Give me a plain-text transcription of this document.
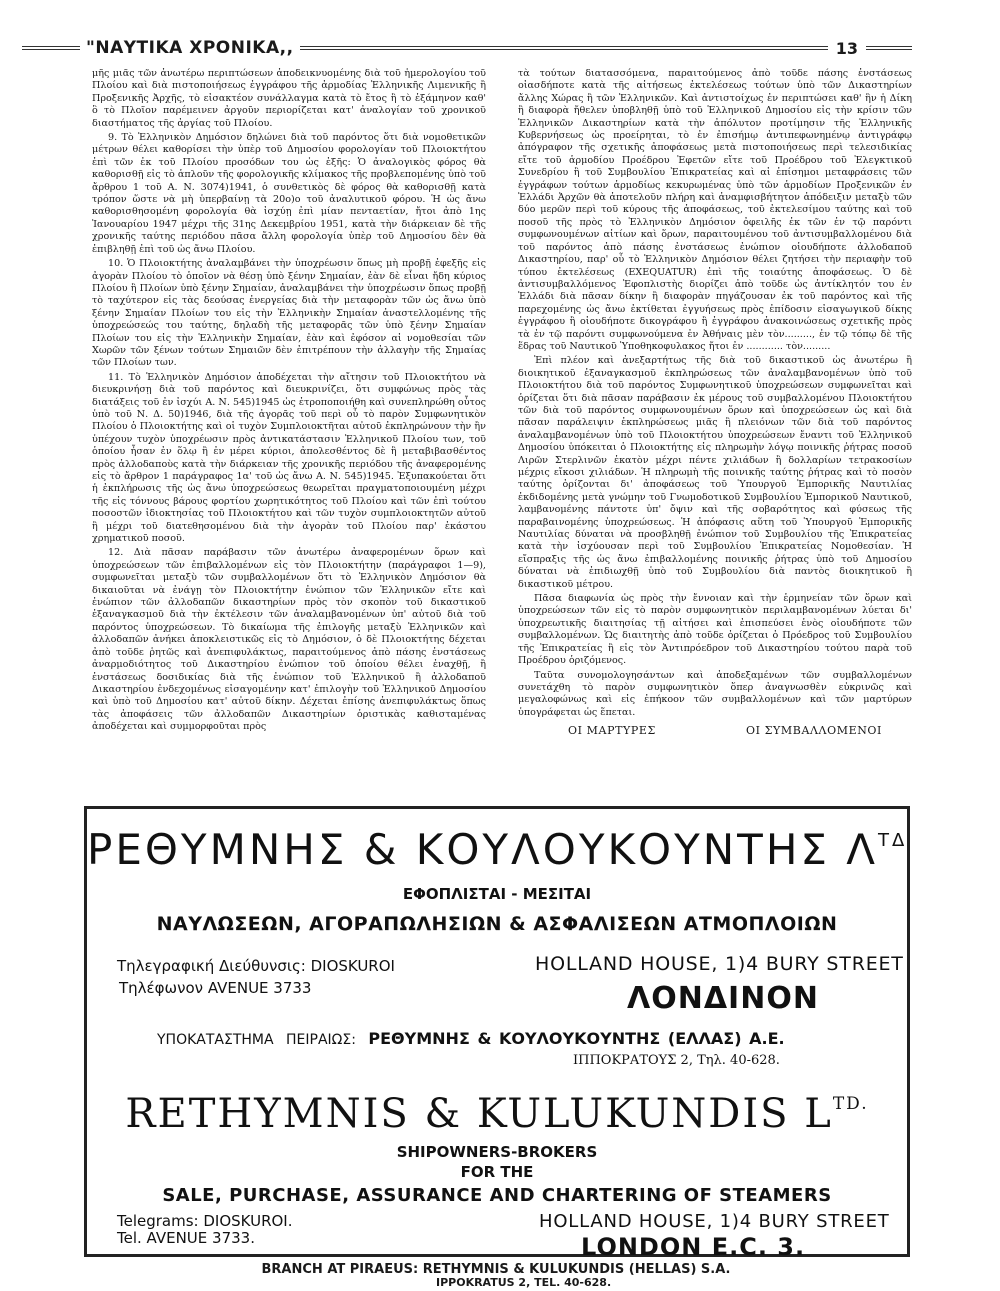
"ΝΑΥΤΙΚΑ ΧΡΟΝΙΚΑ,,	13

μῆς μιᾶς τῶν ἀνωτέρω περιπτώσεων ἀποδεικνυομένης διὰ τοῦ ἡμερολογίου τοῦ Πλοίου καὶ διὰ πιστοποιήσεως ἐγγράφου τῆς ἁρμοδίας Ἑλληνικῆς Λιμενικῆς ἢ Προξενικῆς Ἀρχῆς, τὸ εἰσακτέον συνάλλαγμα κατὰ τὸ ἔτος ἢ τὸ ἑξάμηνον καθ' ὃ τὸ Πλοῖον παρέμεινεν ἀργοῦν περιορίζεται κατ' ἀναλογίαν τοῦ χρονικοῦ διαστήματος τῆς ἀργίας τοῦ Πλοίου.

9. Τὸ Ἑλληνικὸν Δημόσιον δηλώνει διὰ τοῦ παρόντος ὅτι διὰ νομοθετικῶν μέτρων θέλει καθορίσει τὴν ὑπὲρ τοῦ Δημοσίου φορολογίαν τοῦ Πλοιοκτήτου ἐπὶ τῶν ἐκ τοῦ Πλοίου προσόδων του ὡς ἑξῆς: Ὁ ἀναλογικὸς φόρος θὰ καθορισθῇ εἰς τὸ ἁπλοῦν τῆς φορολογικῆς κλίμακος τῆς προβλεπομένης ὑπὸ τοῦ ἄρθρου 1 τοῦ Α. Ν. 3074)1941, ὁ συνθετικὸς δὲ φόρος θὰ καθορισθῇ κατὰ τρόπον ὥστε νὰ μὴ ὑπερβαίνῃ τὰ 20ο)ο τοῦ ἀναλυτικοῦ φόρου. Ἡ ὡς ἄνω καθορισθησομένη φορολογία θὰ ἰσχύῃ ἐπὶ μίαν πενταετίαν, ἤτοι ἀπὸ 1ης Ἰανουαρίου 1947 μέχρι τῆς 31ης Δεκεμβρίου 1951, κατὰ τὴν διάρκειαν δὲ τῆς χρονικῆς ταύτης περιόδου πᾶσα ἄλλη φορολογία ὑπὲρ τοῦ Δημοσίου δὲν θὰ ἐπιβληθῇ ἐπὶ τοῦ ὡς ἄνω Πλοίου.

10. Ὁ Πλοιοκτήτης ἀναλαμβάνει τὴν ὑποχρέωσιν ὅπως μὴ προβῇ ἐφεξῆς εἰς ἀγορὰν Πλοίου τὸ ὁποῖον νὰ θέσῃ ὑπὸ ξένην Σημαίαν, ἐὰν δὲ εἶναι ἤδη κύριος Πλοίου ἢ Πλοίων ὑπὸ ξένην Σημαίαν, ἀναλαμβάνει τὴν ὑποχρέωσιν ὅπως προβῇ τὸ ταχύτερον εἰς τὰς δεούσας ἐνεργείας διὰ τὴν μεταφορὰν τῶν ὡς ἄνω ὑπὸ ξένην Σημαίαν Πλοίων του εἰς τὴν Ἑλληνικὴν Σημαίαν ἀναστελλομένης τῆς ὑποχρεώσεώς του ταύτης, δηλαδὴ τῆς μεταφορᾶς τῶν ὑπὸ ξένην Σημαίαν Πλοίων του εἰς τὴν Ἑλληνικὴν Σημαίαν, ἐὰν καὶ ἐφόσον αἱ νομοθεσίαι τῶν Χωρῶν τῶν ξένων τούτων Σημαιῶν δὲν ἐπιτρέπουν τὴν ἀλλαγὴν τῆς Σημαίας τῶν Πλοίων των.

11. Τὸ Ἑλληνικὸν Δημόσιον ἀποδέχεται τὴν αἴτησιν τοῦ Πλοιοκτήτου νὰ διευκρινήσῃ διὰ τοῦ παρόντος καὶ διευκρινίζει, ὅτι συμφώνως πρὸς τὰς διατάξεις τοῦ ἐν ἰσχύι Α. Ν. 545)1945 ὡς ἐτροποποιήθη καὶ συνεπληρώθη οὗτος ὑπὸ τοῦ Ν. Δ. 50)1946, διὰ τῆς ἀγορᾶς τοῦ περὶ οὗ τὸ παρὸν Συμφωνητικὸν Πλοίου ὁ Πλοιοκτήτης καὶ οἱ τυχὸν Συμπλοιοκτῆται αὐτοῦ ἐκπληρώνουν τὴν ἢν ὑπέχουν τυχὸν ὑποχρέωσιν πρὸς ἀντικατάστασιν Ἑλληνικοῦ Πλοίου των, τοῦ ὁποίου ἦσαν ἐν ὅλῳ ἢ ἐν μέρει κύριοι, ἀπολεσθέντος δὲ ἢ μεταβιβασθέντος πρὸς ἀλλοδαποὺς κατὰ τὴν διάρκειαν τῆς χρονικῆς περιόδου τῆς ἀναφερομένης εἰς τὸ ἄρθρον 1 παράγραφος 1α' τοῦ ὡς ἄνω Α. Ν. 545)1945. Ἐξυπακούεται ὅτι ἡ ἐκπλήρωσις τῆς ὡς ἄνω ὑποχρεώσεως θεωρεῖται πραγματοποιουμένη μέχρι τῆς εἰς τόννους βάρους φορτίου χωρητικότητος τοῦ Πλοίου καὶ τῶν ἐπὶ τούτου ποσοστῶν ἰδιοκτησίας τοῦ Πλοιοκτήτου καὶ τῶν τυχὸν συμπλοιοκτητῶν αὐτοῦ ἢ μέχρι τοῦ διατεθησομένου διὰ τὴν ἀγορὰν τοῦ Πλοίου παρ' ἑκάστου χρηματικοῦ ποσοῦ.

12. Διὰ πᾶσαν παράβασιν τῶν ἀνωτέρω ἀναφερομένων ὅρων καὶ ὑποχρεώσεων τῶν ἐπιβαλλομένων εἰς τὸν Πλοιοκτήτην (παράγραφοι 1—9), συμφωνεῖται μεταξὺ τῶν συμβαλλομένων ὅτι τὸ Ἑλληνικὸν Δημόσιον θὰ δικαιοῦται νὰ ἐνάγῃ τὸν Πλοιοκτήτην ἐνώπιον τῶν Ἑλληνικῶν εἴτε καὶ ἐνώπιον τῶν ἀλλοδαπῶν δικαστηρίων πρὸς τὸν σκοπὸν τοῦ δικαστικοῦ ἐξαναγκασμοῦ διὰ τὴν ἐκτέλεσιν τῶν ἀναλαμβανομένων ὑπ' αὐτοῦ διὰ τοῦ παρόντος ὑποχρεώσεων. Τὸ δικαίωμα τῆς ἐπιλογῆς μεταξὺ Ἑλληνικῶν καὶ ἀλλοδαπῶν ἀνήκει ἀποκλειστικῶς εἰς τὸ Δημόσιον, ὁ δὲ Πλοιοκτήτης δέχεται ἀπὸ τοῦδε ῥητῶς καὶ ἀνεπιφυλάκτως, παραιτούμενος ἀπὸ πάσης ἐνστάσεως ἀναρμοδιότητος τοῦ Δικαστηρίου ἐνώπιον τοῦ ὁποίου θέλει ἐναχθῇ, ἢ ἐνστάσεως δοσιδικίας διὰ τῆς ἐνώπιον τοῦ Ἑλληνικοῦ ἢ ἀλλοδαποῦ Δικαστηρίου ἐνδεχομένως εἰσαγομένην κατ' ἐπιλογὴν τοῦ Ἑλληνικοῦ Δημοσίου καὶ ὑπὸ τοῦ Δημοσίου κατ' αὐτοῦ δίκην. Δέχεται ἐπίσης ἀνεπιφυλάκτως ὅπως τὰς ἀποφάσεις τῶν ἀλλοδαπῶν Δικαστηρίων ὁριστικὰς καθισταμένας ἀποδέχεται καὶ συμμορφοῦται πρὸς

τὰ τούτων διατασσόμενα, παραιτούμενος ἀπὸ τοῦδε πάσης ἐνστάσεως οἱασδήποτε κατὰ τῆς αἰτήσεως ἐκτελέσεως τούτων ὑπὸ τῶν Δικαστηρίων ἄλλης Χώρας ἢ τῶν Ἑλληνικῶν. Καὶ ἀντιστοίχως ἐν περιπτώσει καθ' ἣν ἡ Δίκη ἢ διαφορὰ ἤθελεν ὑποβληθῇ ὑπὸ τοῦ Ἑλληνικοῦ Δημοσίου εἰς τὴν κρίσιν τῶν Ἑλληνικῶν Δικαστηρίων κατὰ τὴν ἀπόλυτον προτίμησιν τῆς Ἑλληνικῆς Κυβερνήσεως ὡς προείρηται, τὸ ἐν ἐπισήμῳ ἀντιπεφωνημένῳ ἀντιγράφῳ ἀπόγραφον τῆς σχετικῆς ἀποφάσεως μετὰ πιστοποιήσεως περὶ τελεσιδικίας εἴτε τοῦ ἁρμοδίου Προέδρου Ἐφετῶν εἴτε τοῦ Προέδρου τοῦ Ἐλεγκτικοῦ Συνεδρίου ἢ τοῦ Συμβουλίου Ἐπικρατείας καὶ αἱ ἐπίσημοι μεταφράσεις τῶν ἐγγράφων τούτων ἁρμοδίως κεκυρωμένας ὑπὸ τῶν ἁρμοδίων Προξενικῶν ἐν Ἑλλάδι Ἀρχῶν θὰ ἀποτελοῦν πλήρη καὶ ἀναμφισβήτητον ἀπόδειξιν μεταξὺ τῶν δύο μερῶν περὶ τοῦ κύρους τῆς ἀποφάσεως, τοῦ ἐκτελεσίμου ταύτης καὶ τοῦ ποσοῦ τῆς πρὸς τὸ Ἑλληνικὸν Δημόσιον ὀφειλῆς ἐκ τῶν ἐν τῷ παρόντι συμφωνουμένων αἰτίων καὶ ὅρων, παραιτουμένου τοῦ ἀντισυμβαλλομένου διὰ τοῦ παρόντος ἀπὸ πάσης ἐνστάσεως ἐνώπιον οἱουδήποτε ἀλλοδαποῦ Δικαστηρίου, παρ' οὗ τὸ Ἑλληνικὸν Δημόσιον θέλει ζητήσει τὴν περιαφὴν τοῦ τύπου ἐκτελέσεως (EXEQUATUR) ἐπὶ τῆς τοιαύτης ἀποφάσεως. Ὁ δὲ ἀντισυμβαλλόμενος Ἐφοπλιστὴς διορίζει ἀπὸ τοῦδε ὡς ἀντίκλητόν του ἐν Ἑλλάδι διὰ πᾶσαν δίκην ἢ διαφορὰν πηγάζουσαν ἐκ τοῦ παρόντος καὶ τῆς παρεχομένης ὡς ἄνω ἐκτίθεται ἐγγυήσεως πρὸς ἐπίδοσιν εἰσαγωγικοῦ δίκης ἐγγράφου ἢ οἱουδήποτε δικογράφου ἢ ἐγγράφου ἀνακοινώσεως σχετικῆς πρὸς τὰ ἐν τῷ παρόντι συμφωνούμενα ἐν Ἀθήναις μὲν τὸν........., ἐν τῷ τόπῳ δὲ τῆς ἕδρας τοῦ Ναυτικοῦ Ὑποθηκοφυλακος ἤτοι ἐν ............ τὸν.........

Ἐπὶ πλέον καὶ ἀνεξαρτήτως τῆς διὰ τοῦ δικαστικοῦ ὡς ἀνωτέρω ἢ διοικητικοῦ ἐξαναγκασμοῦ ἐκπληρώσεως τῶν ἀναλαμβανομένων ὑπὸ τοῦ Πλοιοκτήτου διὰ τοῦ παρόντος Συμφωνητικοῦ ὑποχρεώσεων συμφωνεῖται καὶ ὁρίζεται ὅτι διὰ πᾶσαν παράβασιν ἐκ μέρους τοῦ συμβαλλομένου Πλοιοκτήτου τῶν διὰ τοῦ παρόντος συμφωνουμένων ὅρων καὶ ὑποχρεώσεων ὡς καὶ διὰ πᾶσαν παράλειψιν ἐκπληρώσεως μιᾶς ἢ πλειόνων τῶν διὰ τοῦ παρόντος ἀναλαμβανομένων ὑπὸ τοῦ Πλοιοκτήτου ὑποχρεώσεων ἔναντι τοῦ Ἑλληνικοῦ Δημοσίου ὑπόκειται ὁ Πλοιοκτήτης εἰς πληρωμὴν λόγῳ ποινικῆς ῥήτρας ποσοῦ Λιρῶν Στερλινῶν ἑκατὸν μέχρι πέντε χιλιάδων ἢ δολλαρίων τετρακοσίων μέχρις εἴκοσι χιλιάδων. Ἡ πληρωμὴ τῆς ποινικῆς ταύτης ῥήτρας καὶ τὸ ποσὸν ταύτης ὁρίζονται δι' ἀποφάσεως τοῦ Ὑπουργοῦ Ἐμπορικῆς Ναυτιλίας ἐκδιδομένης μετὰ γνώμην τοῦ Γνωμοδοτικοῦ Συμβουλίου Ἐμπορικοῦ Ναυτικοῦ, λαμβανομένης πάντοτε ὑπ' ὄψιν καὶ τῆς σοβαρότητος καὶ φύσεως τῆς παραβαινομένης ὑποχρεώσεως. Ἡ ἀπόφασις αὕτη τοῦ Ὑπουργοῦ Ἐμπορικῆς Ναυτιλίας δύναται νὰ προσβληθῇ ἐνώπιον τοῦ Συμβουλίου τῆς Ἐπικρατείας κατὰ τὴν ἰσχύουσαν περὶ τοῦ Συμβουλίου Ἐπικρατείας Νομοθεσίαν. Ἡ εἴσπραξις τῆς ὡς ἄνω ἐπιβαλλομένης ποινικῆς ῥήτρας ὑπὸ τοῦ Δημοσίου δύναται νὰ ἐπιδιωχθῇ ὑπὸ τοῦ Συμβουλίου διὰ παντὸς διοικητικοῦ ἢ δικαστικοῦ μέτρου.

Πᾶσα διαφωνία ὡς πρὸς τὴν ἔννοιαν καὶ τὴν ἑρμηνείαν τῶν ὅρων καὶ ὑποχρεώσεων τῶν εἰς τὸ παρὸν συμφωνητικὸν περιλαμβανομένων λύεται δι' ὑποχρεωτικῆς διαιτησίας τῇ αἰτήσει καὶ ἐπισπεύσει ἑνὸς οἱουδήποτε τῶν συμβαλλομένων. Ὡς διαιτητὴς ἀπὸ τοῦδε ὁρίζεται ὁ Πρόεδρος τοῦ Συμβουλίου τῆς Ἐπικρατείας ἢ εἰς τὸν Ἀντιπρόεδρον τοῦ Δικαστηρίου τούτου παρὰ τοῦ Προέδρου ὁριζόμενος.

Ταῦτα συνομολογησάντων καὶ ἀποδεξαμένων τῶν συμβαλλομένων συνετάχθη τὸ παρὸν συμφωνητικὸν ὅπερ ἀναγνωσθὲν εὐκρινῶς καὶ μεγαλοφώνως καὶ εἰς ἐπήκοον τῶν συμβαλλομένων καὶ τῶν μαρτύρων ὑπογράφεται ὡς ἕπεται.

ΟΙ ΜΑΡΤΥΡΕΣ	ΟΙ ΣΥΜΒΑΛΛΟΜΕΝΟΙ
ΡΕΘΥΜΝΗΣ & ΚΟΥΛΟΥΚΟΥΝΤΗΣ $\Lambda^{T\Delta}$
ΕΦΟΠΛΙΣΤΑΙ - ΜΕΣΙΤΑΙ
ΝΑΥΛΩΣΕΩΝ, ΑΓΟΡΑΠΩΛΗΣΙΩΝ & ΑΣΦΑΛΙΣΕΩΝ ΑΤΜΟΠΛΟΙΩΝ
Τηλεγραφική Διεύθυνσις: DIOSKUROI
Τηλέφωνον AVENUE 3733
HOLLAND HOUSE, 1)4 BURY STREET
ΛΟΝΔΙΝΟΝ
ΥΠΟΚΑΤΑΣΤΗΜΑ ΠΕΙΡΑΙΩΣ: ΡΕΘΥΜΝΗΣ & ΚΟΥΛΟΥΚΟΥΝΤΗΣ (ΕΛΛΑΣ) Α.Ε.
ΙΠΠΟΚΡΑΤΟΥΣ 2, Τηλ. 40-628.
RETHYMNIS & KULUKUNDIS $L^{TD.}$
SHIPOWNERS-BROKERS
FOR THE
SALE, PURCHASE, ASSURANCE AND CHARTERING OF STEAMERS
Telegrams: DIOSKUROI.
Tel. AVENUE 3733.
HOLLAND HOUSE, 1)4 BURY STREET
LONDON E.C. 3.
BRANCH AT PIRAEUS: RETHYMNIS & KULUKUNDIS (HELLAS) S.A.
IPPOKRATUS 2, TEL. 40-628.
